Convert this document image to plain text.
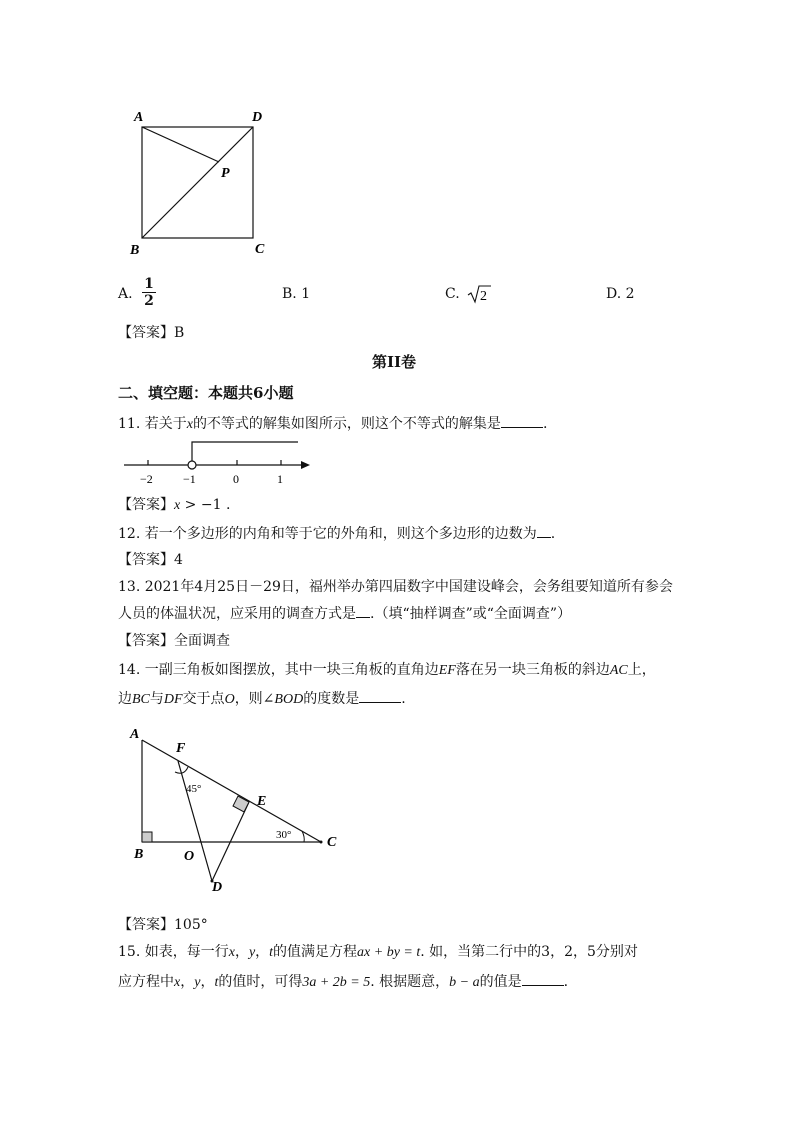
A	D
P
B	C
A.
1
2	B. 1	C. 2	D. 2
【答案】B
第II卷
二、填空题：本题共6小题
11. 若关于x的不等式的解集如图所示，则这个不等式的解集是	.
−2	−1	0	1
【答案】x > −1 .
12. 若一个多边形的内角和等于它的外角和，则这个多边形的边数为 .
【答案】4
13. 2021年4月25日－29日，福州举办第四届数字中国建设峰会，会务组要知道所有参会
人员的体温状况，应采用的调查方式是 .（填“抽样调查”或“全面调查”）
【答案】全面调查
14. 一副三角板如图摆放，其中一块三角板的直角边EF落在另一块三角板的斜边AC上，
边BC与DF交于点O，则∠BOD的度数是	.
A
F
E
B	O
C
D
45°
30°
【答案】105°
15. 如表，每一行x，y，t的值满足方程ax + by = t. 如，当第二行中的3，2，5分别对
应方程中x，y，t的值时，可得3a + 2b = 5. 根据题意，b − a的值是	.
